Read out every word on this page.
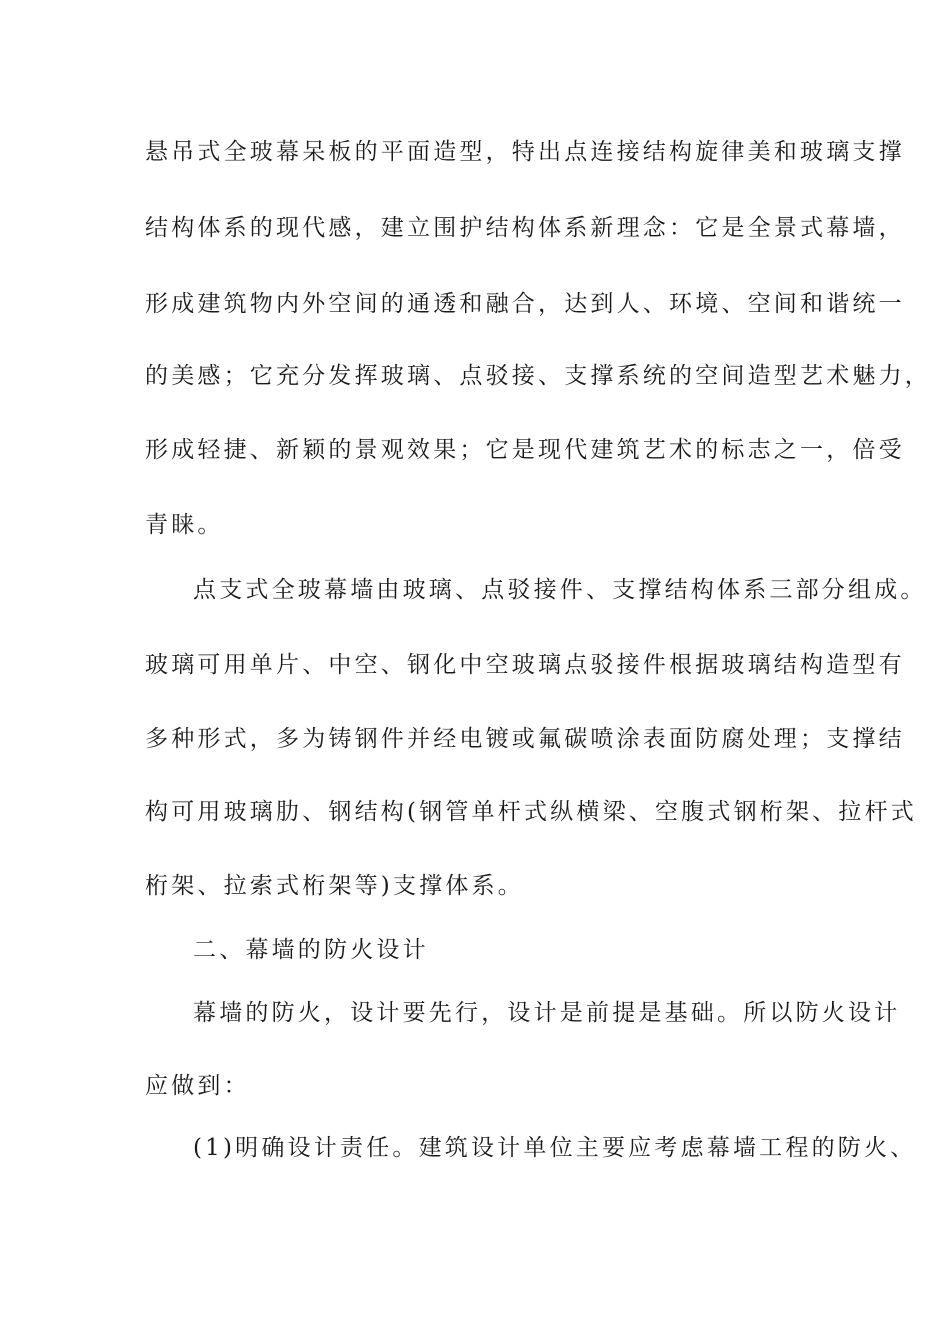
悬吊式全玻幕呆板的平面造型，特出点连接结构旋律美和玻璃支撑
结构体系的现代感，建立围护结构体系新理念：它是全景式幕墙，
形成建筑物内外空间的通透和融合，达到人、环境、空间和谐统一
的美感；它充分发挥玻璃、点驳接、支撑系统的空间造型艺术魅力，
形成轻捷、新颖的景观效果；它是现代建筑艺术的标志之一，倍受
青睐。
点支式全玻幕墙由玻璃、点驳接件、支撑结构体系三部分组成。
玻璃可用单片、中空、钢化中空玻璃点驳接件根据玻璃结构造型有
多种形式，多为铸钢件并经电镀或氟碳喷涂表面防腐处理；支撑结
构可用玻璃肋、钢结构(钢管单杆式纵横梁、空腹式钢桁架、拉杆式
桁架、拉索式桁架等)支撑体系。
二、幕墙的防火设计
幕墙的防火，设计要先行，设计是前提是基础。所以防火设计
应做到：
(1)明确设计责任。建筑设计单位主要应考虑幕墙工程的防火、
